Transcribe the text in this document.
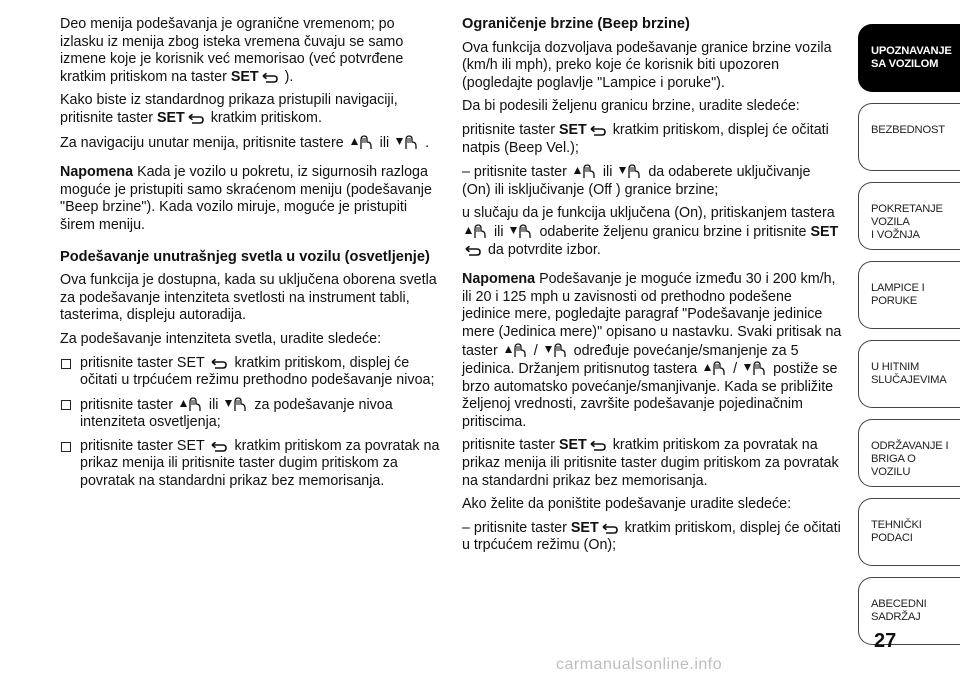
Deo menija podešavanja je ogranične vremenom; po izlasku iz menija zbog isteka vremena čuvaju se samo izmene koje je korisnik već memorisao (već potvrđene kratkim pritiskom na taster SET ).

Kako biste iz standardnog prikaza pristupili navigaciji, pritisnite taster SET kratkim pritiskom.

Za navigaciju unutar menija, pritisnite tastere  ili  .

Napomena Kada je vozilo u pokretu, iz sigurnosih razloga moguće je pristupiti samo skraćenom meniju (podešavanje "Beep brzine"). Kada vozilo miruje, moguće je pristupiti širem meniju.

Podešavanje unutrašnjeg svetla u vozilu (osvetljenje)

Ova funkcija je dostupna, kada su uključena oborena svetla za podešavanje intenziteta svetlosti na instrument tabli, tasterima, displeju autoradija.

Za podešavanje intenziteta svetla, uradite sledeće:

pritisnite taster SET  kratkim pritiskom, displej će očitati u trpćućem režimu prethodno podešavanje nivoa;
pritisnite taster  ili  za podešavanje nivoa intenziteta osvetljenja;
pritisnite taster SET  kratkim pritiskom za povratak na prikaz menija ili pritisnite taster dugim pritiskom za povratak na standardni prikaz bez memorisanja.
Ograničenje brzine (Beep brzine)

Ova funkcija dozvoljava podešavanje granice brzine vozila (km/h ili mph), preko koje će korisnik biti upozoren (pogledajte poglavlje "Lampice i poruke").

Da bi podesili željenu granicu brzine, uradite sledeće:

pritisnite taster SET kratkim pritiskom, displej će očitati natpis (Beep Vel.);

– pritisnite taster  ili  da odaberete uključivanje (On) ili isključivanje (Off ) granice brzine;

u slučaju da je funkcija uključena (On), pritiskanjem tastera  ili  odaberite željenu granicu brzine i pritisnite SET da potvrdite izbor.

Napomena Podešavanje je moguće između 30 i 200 km/h, ili 20 i 125 mph u zavisnosti od prethodno podešene jedinice mere, pogledajte paragraf "Podešavanje jedinice mere (Jedinica mere)" opisano u nastavku. Svaki pritisak na taster  /  određuje povećanje/smanjenje za 5 jedinica. Držanjem pritisnutog tastera  /  postiže se brzo automatsko povećanje/smanjivanje. Kada se približite željenoj vrednosti, završite podešavanje pojedinačnim pritiscima.

pritisnite taster SET kratkim pritiskom za povratak na prikaz menija ili pritisnite taster dugim pritiskom za povratak na standardni prikaz bez memorisanja.

Ako želite da poništite podešavanje uradite sledeće:

– pritisnite taster SET kratkim pritiskom, displej će očitati u trpćućem režimu (On);

UPOZNAVANJE
SA VOZILOM
BEZBEDNOST

POKRETANJE VOZILA
I VOŽNJA
LAMPICE I PORUKE

U HITNIM
SLUČAJEVIMA
ODRŽAVANJE I
BRIGA O VOZILU
TEHNIČKI PODACI

ABECEDNI SADRŽAJ

27
carmanualsonline.info
